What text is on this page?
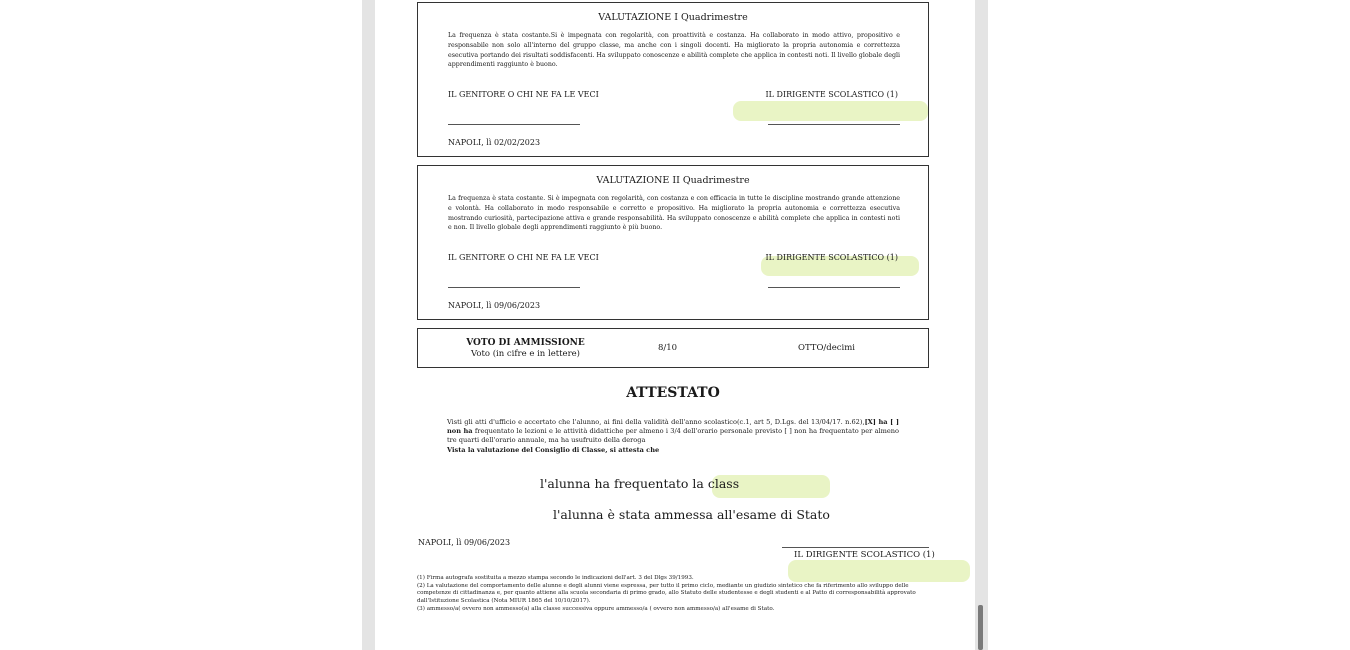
VALUTAZIONE I Quadrimestre
La frequenza è stata costante.Si è impegnata con regolarità, con proattività e costanza. Ha collaborato in modo attivo, propositivo e responsabile non solo all'interno del gruppo classe, ma anche con i singoli docenti. Ha migliorato la propria autonomia e correttezza esecutiva portando dei risultati soddisfacenti. Ha sviluppato conoscenze e abilità complete che applica in contesti noti. Il livello globale degli apprendimenti raggiunto è buono.
IL GENITORE O CHI NE FA LE VECI	IL DIRIGENTE SCOLASTICO (1)
NAPOLI, lì 02/02/2023
VALUTAZIONE II Quadrimestre
La frequenza è stata costante. Si è impegnata con regolarità, con costanza e con efficacia in tutte le discipline mostrando grande attenzione e volontà. Ha collaborato in modo responsabile e corretto e propositivo. Ha migliorato la propria autonomia e correttezza esecutiva mostrando curiosità, partecipazione attiva e grande responsabilità. Ha sviluppato conoscenze e abilità complete che applica in contesti noti e non. Il livello globale degli apprendimenti raggiunto è più buono.
IL GENITORE O CHI NE FA LE VECI	IL DIRIGENTE SCOLASTICO (1)
NAPOLI, lì 09/06/2023
VOTO DI AMMISSIONE
Voto (in cifre e in lettere)
8/10	OTTO/decimi
ATTESTATO
Visti gli atti d'ufficio e accertato che l'alunno, ai fini della validità dell'anno scolastico(c.1, art 5, D.Lgs. del 13/04/17. n.62),[X] ha [ ] non ha frequentato le lezioni e le attività didattiche per almeno i 3/4 dell'orario personale previsto [ ] non ha frequentato per almeno tre quarti dell'orario annuale, ma ha usufruito della deroga
Vista la valutazione del Consiglio di Classe, si attesta che
l'alunna ha frequentato la class
l'alunna è stata ammessa all'esame di Stato
NAPOLI, lì 09/06/2023
IL DIRIGENTE SCOLASTICO (1)
(1) Firma autografa sostituita a mezzo stampa secondo le indicazioni dell'art. 3 del Dlgs 39/1993.
(2) La valutazione del comportamento delle alunne e degli alunni viene espressa, per tutto il primo ciclo, mediante un giudizio sintetico che fa riferimento allo sviluppo delle competenze di cittadinanza e, per quanto attiene alla scuola secondaria di primo grado, allo Statuto delle studentesse e degli studenti e al Patto di corresponsabilità approvato dall'Istituzione Scolastica (Nota MIUR 1865 del 10/10/2017).
(3) ammesso/a( ovvero non ammesso(a) alla classe successiva oppure ammesso/a ( ovvero non ammesso/a) all'esame di Stato.
